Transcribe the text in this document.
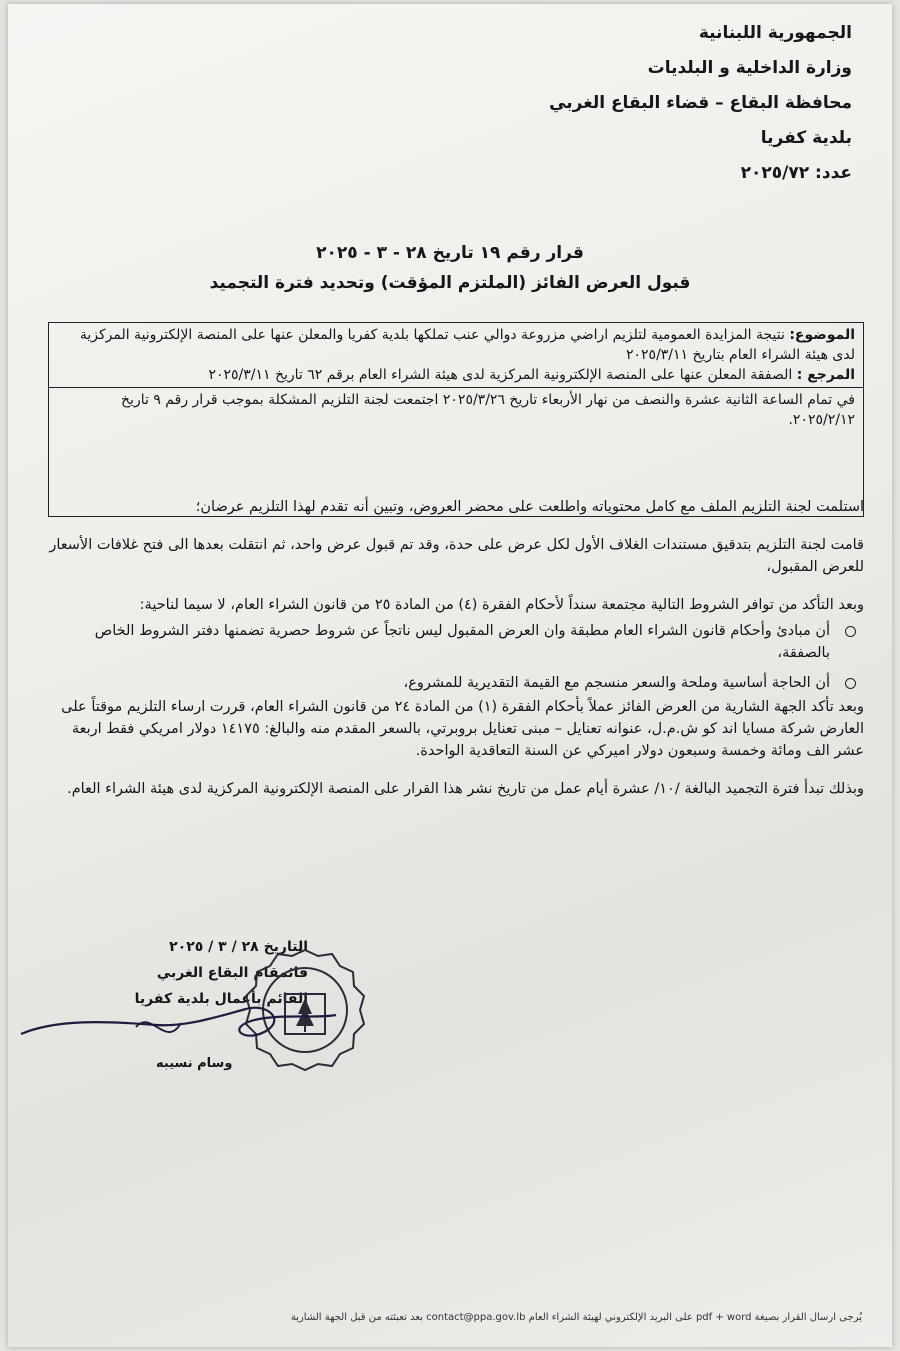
الجمهورية اللبنانية
وزارة الداخلية و البلديات
محافظة البقاع – قضاء البقاع الغربي
بلدية كفريا
عدد: ٢٠٢٥/٧٢
قرار رقم ١٩ تاريخ ٢٨ - ٣ - ٢٠٢٥
قبول العرض الفائز (الملتزم المؤقت) وتحديد فترة التجميد

الموضوع: نتيجة المزايدة العمومية لتلزيم اراضي مزروعة دوالي عنب تملكها بلدية كفريا والمعلن عنها على المنصة الإلكترونية المركزية لدى هيئة الشراء العام بتاريخ ٢٠٢٥/٣/١١

المرجع : الصفقة المعلن عنها على المنصة الإلكترونية المركزية لدى هيئة الشراء العام برقم ٦٢ تاريخ ٢٠٢٥/٣/١١

في تمام الساعة الثانية عشرة والنصف من نهار الأربعاء تاريخ ٢٠٢٥/٣/٢٦ اجتمعت لجنة التلزيم المشكلة بموجب قرار رقم ٩ تاريخ ٢٠٢٥/٢/١٢.

استلمت لجنة التلزيم الملف مع كامل محتوياته واطلعت على محضر العروض، وتبين أنه تقدم لهذا التلزيم عرضان؛

قامت لجنة التلزيم بتدقيق مستندات الغلاف الأول لكل عرض على حدة، وقد تم قبول عرض واحد، ثم انتقلت بعدها الى فتح غلافات الأسعار للعرض المقبول،

وبعد التأكد من توافر الشروط التالية مجتمعة سنداً لأحكام الفقرة (٤) من المادة ٢٥ من قانون الشراء العام، لا سيما لناحية:

أن مبادئ وأحكام قانون الشراء العام مطبقة وان العرض المقبول ليس ناتجاً عن شروط حصرية تضمنها دفتر الشروط الخاص بالصفقة،
أن الحاجة أساسية وملحة والسعر منسجم مع القيمة التقديرية للمشروع،

وبعد تأكد الجهة الشارية من العرض الفائز عملاً بأحكام الفقرة (١) من المادة ٢٤ من قانون الشراء العام، قررت ارساء التلزيم موقتاً على العارض شركة مسايا اند كو ش.م.ل، عنوانه تعنايل – مبنى تعنايل بروبرتي، بالسعر المقدم منه والبالغ: ١٤١٧٥ دولار امريكي فقط اربعة عشر الف ومائة وخمسة وسبعون دولار اميركي عن السنة التعاقدية الواحدة.

وبذلك تبدأ فترة التجميد البالغة /١٠/ عشرة أيام عمل من تاريخ نشر هذا القرار على المنصة الإلكترونية المركزية لدى هيئة الشراء العام.

التاريخ ٢٨ / ٣ / ٢٠٢٥
قائمقام البقاع الغربي
القائم بأعمال بلدية كفريا
وسام نسيبه
يُرجى ارسال القرار بصيغة pdf + word على البريد الإلكتروني لهيئة الشراء العام contact@ppa.gov.lb بعد تعبئته من قبل الجهة الشارية
